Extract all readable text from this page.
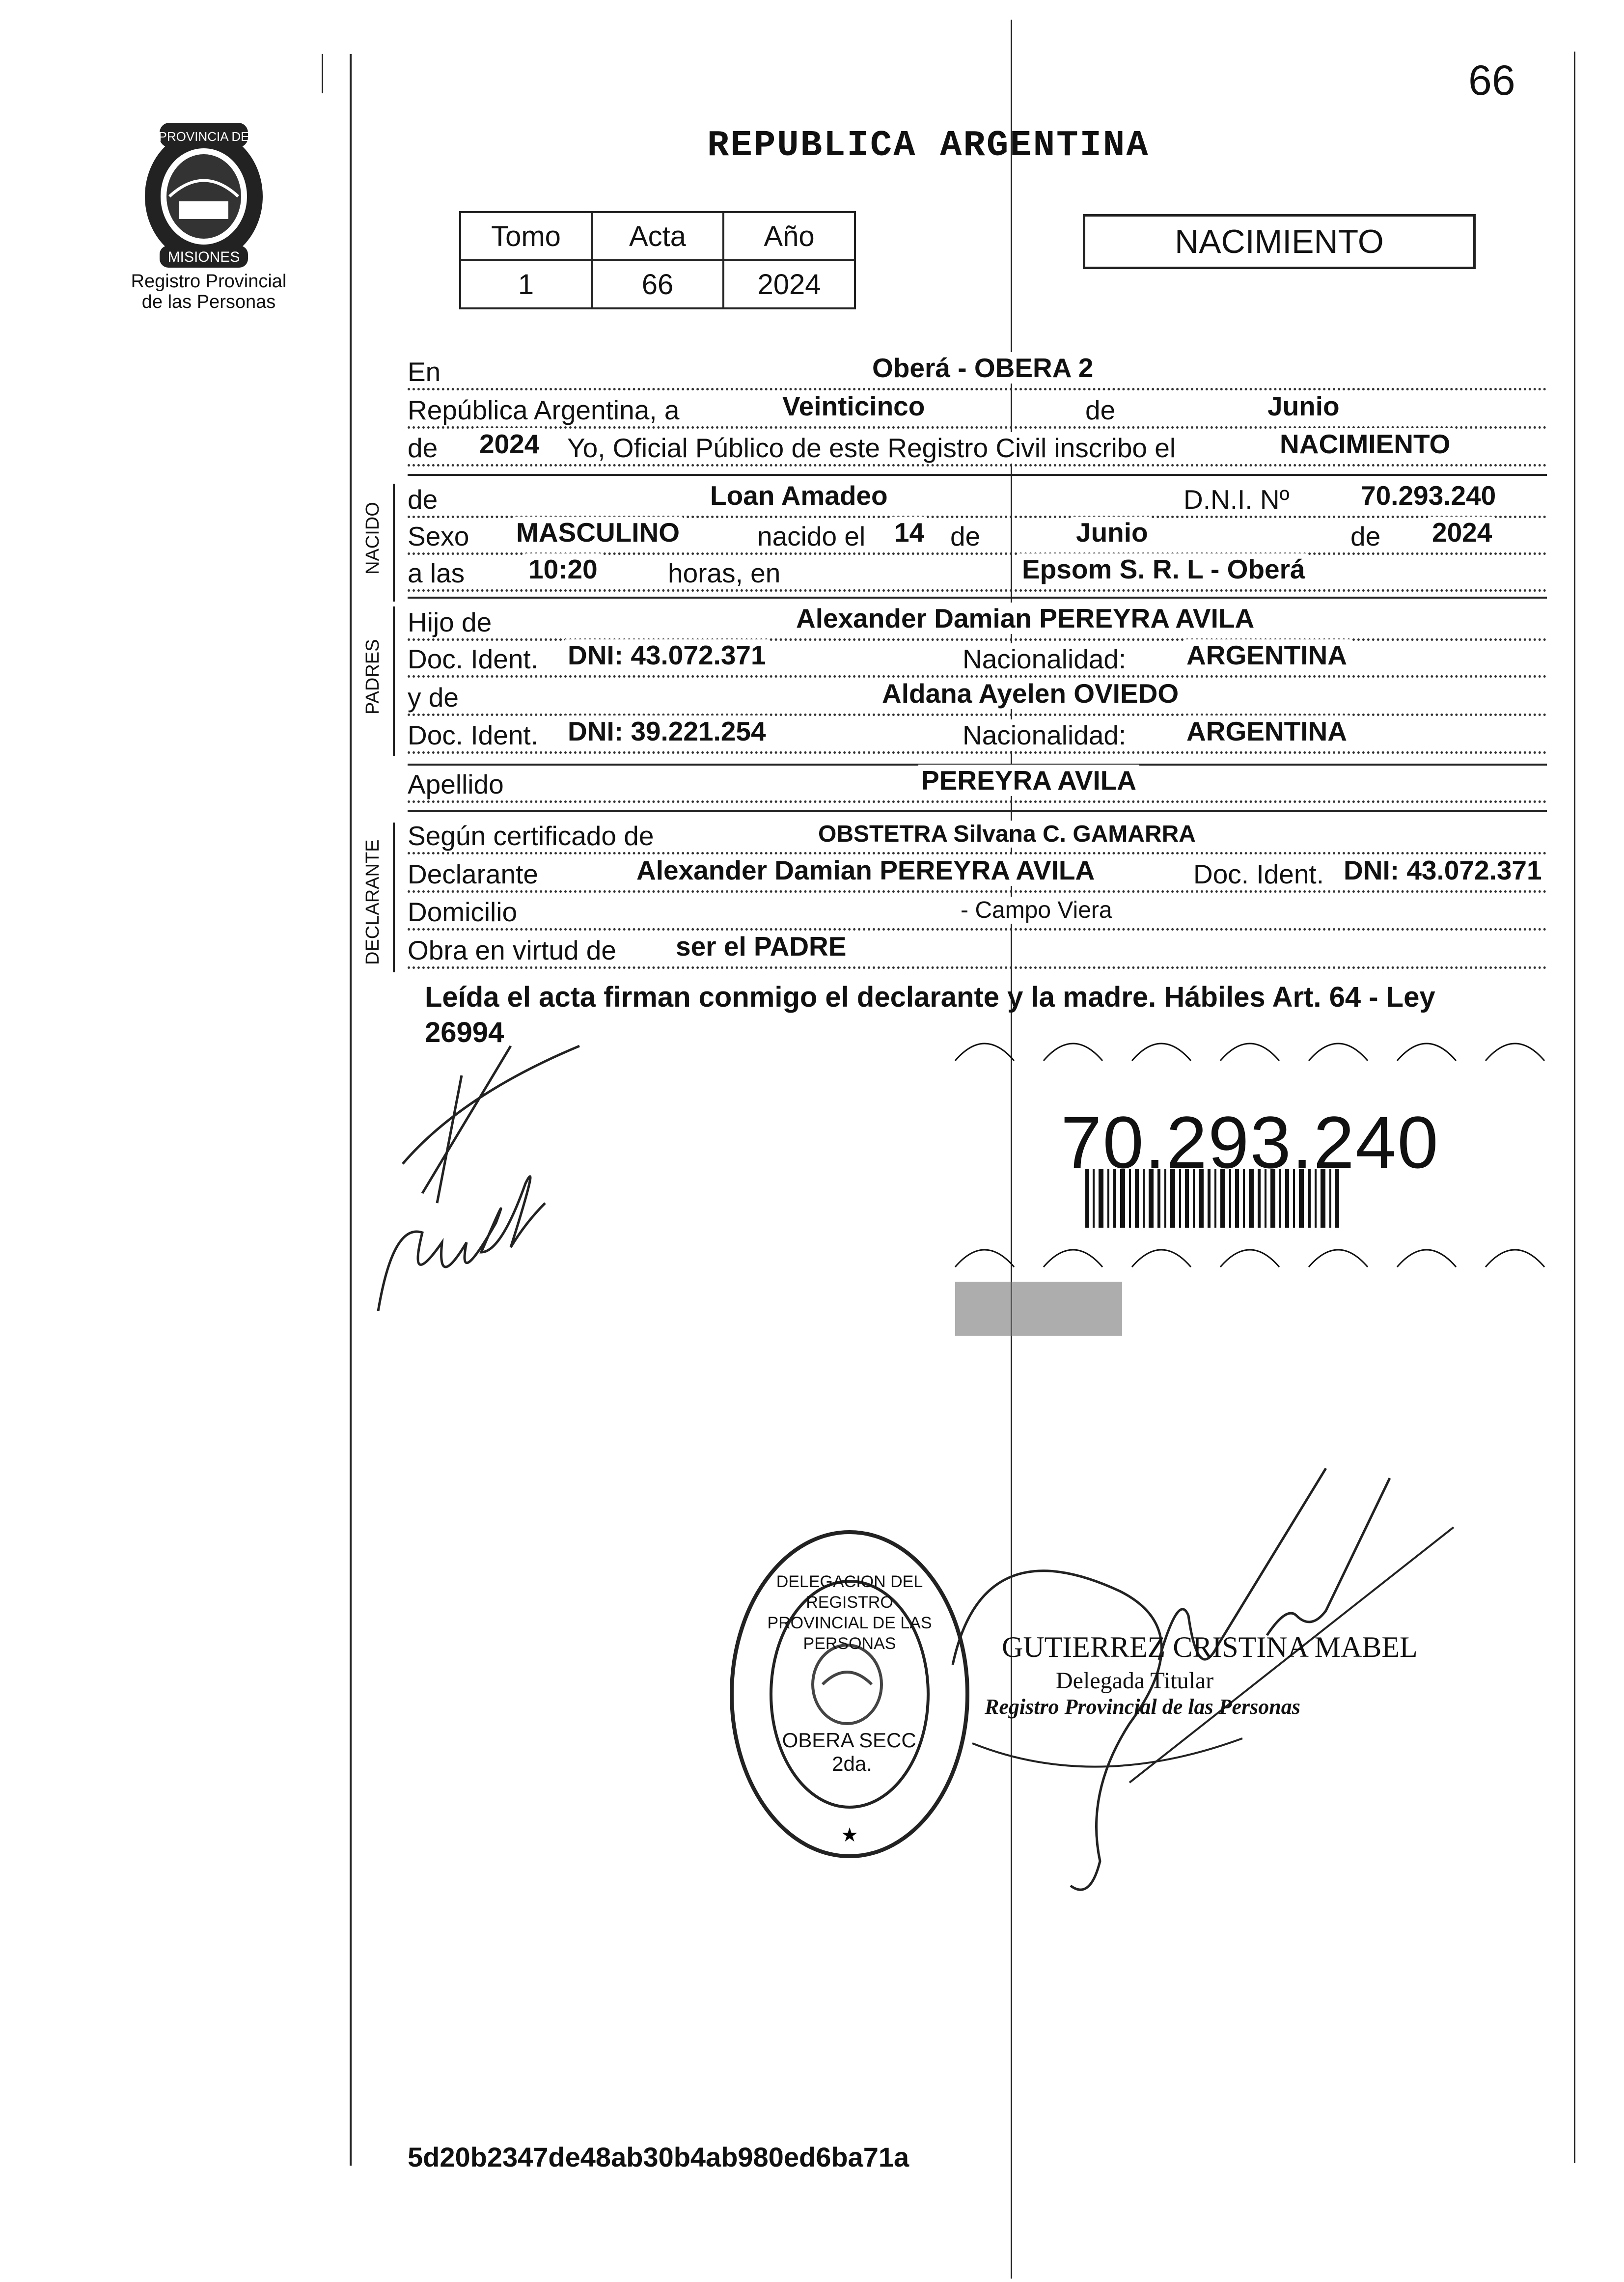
66
PROVINCIA DE
MISIONES
Registro Provincial
de las Personas
REPUBLICA ARGENTINA
Tomo	Acta	Año
1	66	2024
NACIMIENTO
En	Oberá - OBERA 2
República Argentina, a	Veinticinco	de	Junio
de 2024 Yo, Oficial Público de este Registro Civil inscribo el	NACIMIENTO
NACIDO
de	Loan Amadeo	D.N.I. Nº	70.293.240
Sexo MASCULINO	nacido el 14 de	Junio	de 2024
a las 10:20	horas, en	Epsom S. R. L - Oberá
PADRES
Hijo de	Alexander Damian PEREYRA AVILA
Doc. Ident. DNI: 43.072.371	Nacionalidad: ARGENTINA
y de	Aldana Ayelen OVIEDO
Doc. Ident. DNI: 39.221.254	Nacionalidad: ARGENTINA
Apellido	PEREYRA AVILA
DECLARANTE
Según certificado de	OBSTETRA Silvana C. GAMARRA
Declarante	Alexander Damian PEREYRA AVILA	Doc. Ident. DNI: 43.072.371
Domicilio	- Campo Viera
Obra en virtud de ser el PADRE
Leída el acta firman conmigo el declarante y la madre. Hábiles Art. 64 - Ley 26994
70.293.240
★
DELEGACION DEL REGISTRO PROVINCIAL DE LAS PERSONAS
OBERA SECC. 2da.
GUTIERREZ CRISTINA MABEL
Delegada Titular
Registro Provincial de las Personas
5d20b2347de48ab30b4ab980ed6ba71a
